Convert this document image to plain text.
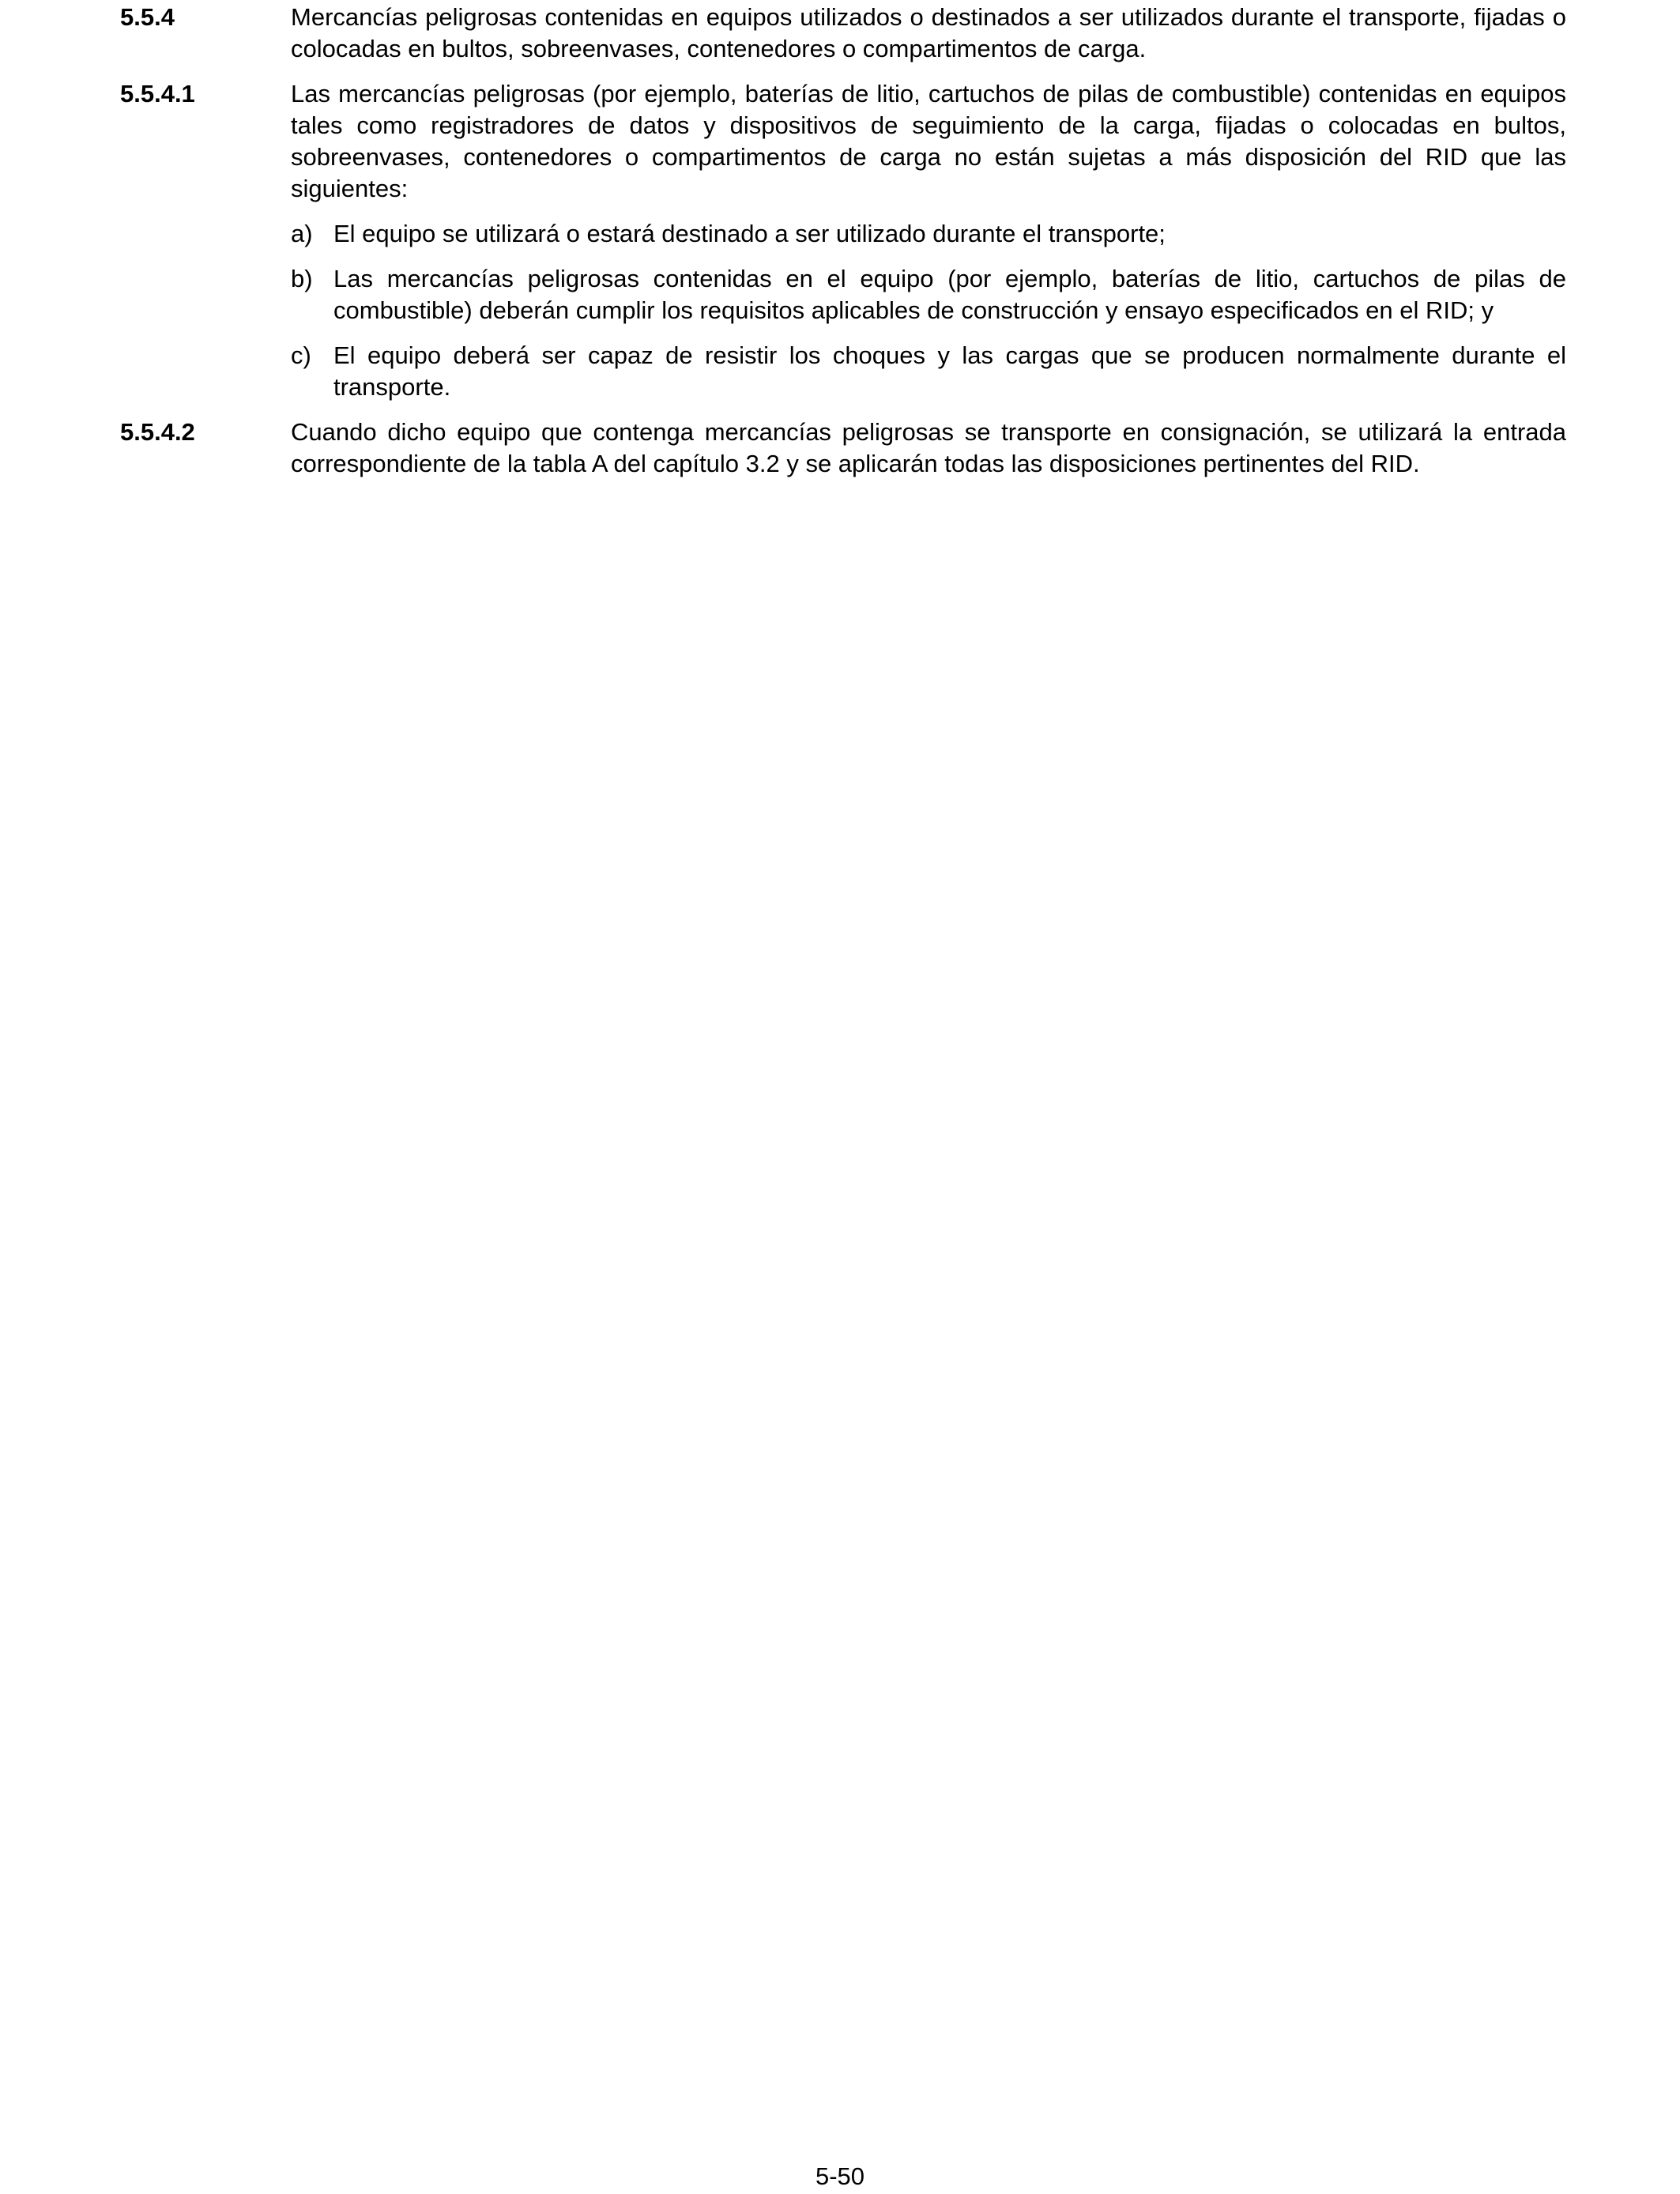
5.5.4	Mercancías peligrosas contenidas en equipos utilizados o destinados a ser utilizados durante el transporte, fijadas o colocadas en bultos, sobreenvases, contenedores o compartimentos de carga.

5.5.4.1	Las mercancías peligrosas (por ejemplo, baterías de litio, cartuchos de pilas de combustible) contenidas en equipos tales como registradores de datos y dispositivos de seguimiento de la carga, fijadas o colocadas en bultos, sobreenvases, contenedores o compartimentos de carga no están sujetas a más disposición del RID que las siguientes:

a) El equipo se utilizará o estará destinado a ser utilizado durante el transporte;
b) Las mercancías peligrosas contenidas en el equipo (por ejemplo, baterías de litio, cartuchos de pilas de combustible) deberán cumplir los requisitos aplicables de construcción y ensayo especificados en el RID; y
c) El equipo deberá ser capaz de resistir los choques y las cargas que se producen normalmente durante el transporte.
5.5.4.2	Cuando dicho equipo que contenga mercancías peligrosas se transporte en consignación, se utilizará la entrada correspondiente de la tabla A del capítulo 3.2 y se aplicarán todas las disposiciones pertinentes del RID.

5-50
